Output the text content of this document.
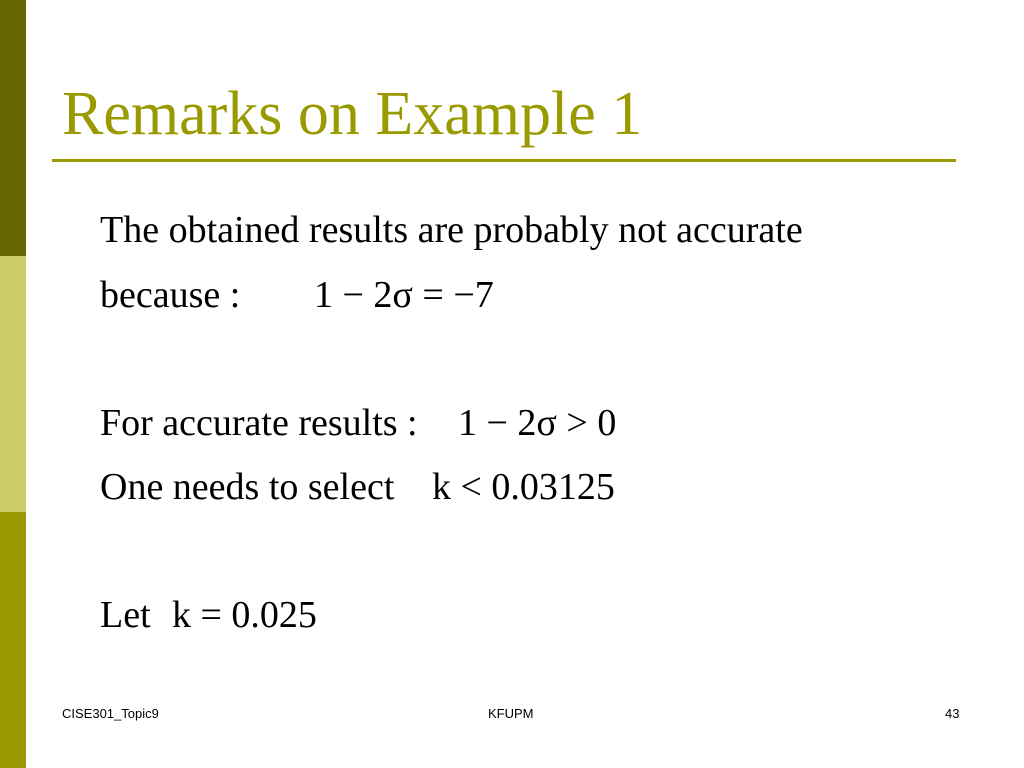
Remarks on Example 1
The obtained results are probably not accurate
because : 1 − 2σ = −7
For accurate results : 1 − 2σ > 0
One needs to select k < 0.03125
Let k = 0.025
CISE301_Topic9	KFUPM	43
